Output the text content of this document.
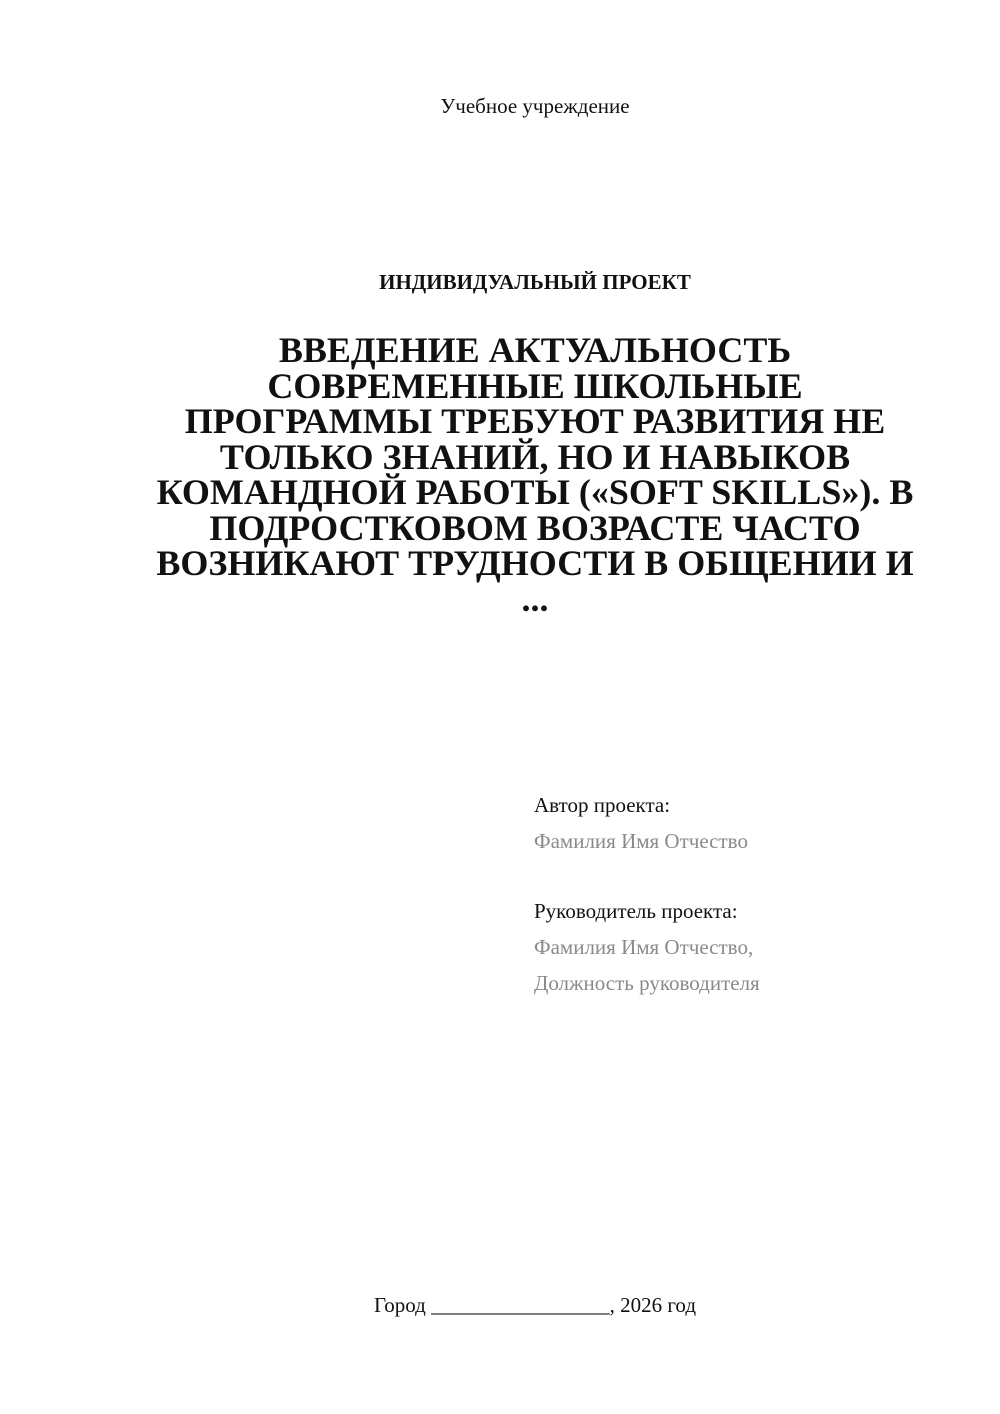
Учебное учреждение
ИНДИВИДУАЛЬНЫЙ ПРОЕКТ
ВВЕДЕНИЕ АКТУАЛЬНОСТЬ СОВРЕМЕННЫЕ ШКОЛЬНЫЕ ПРОГРАММЫ ТРЕБУЮТ РАЗВИТИЯ НЕ ТОЛЬКО ЗНАНИЙ, НО И НАВЫКОВ КОМАНДНОЙ РАБОТЫ («SOFT SKILLS»). В ПОДРОСТКОВОМ ВОЗРАСТЕ ЧАСТО ВОЗНИКАЮТ ТРУДНОСТИ В ОБЩЕНИИ И ...
Автор проекта:
Фамилия Имя Отчество
Руководитель проекта:
Фамилия Имя Отчество,
Должность руководителя
Город _________________, 2026 год
